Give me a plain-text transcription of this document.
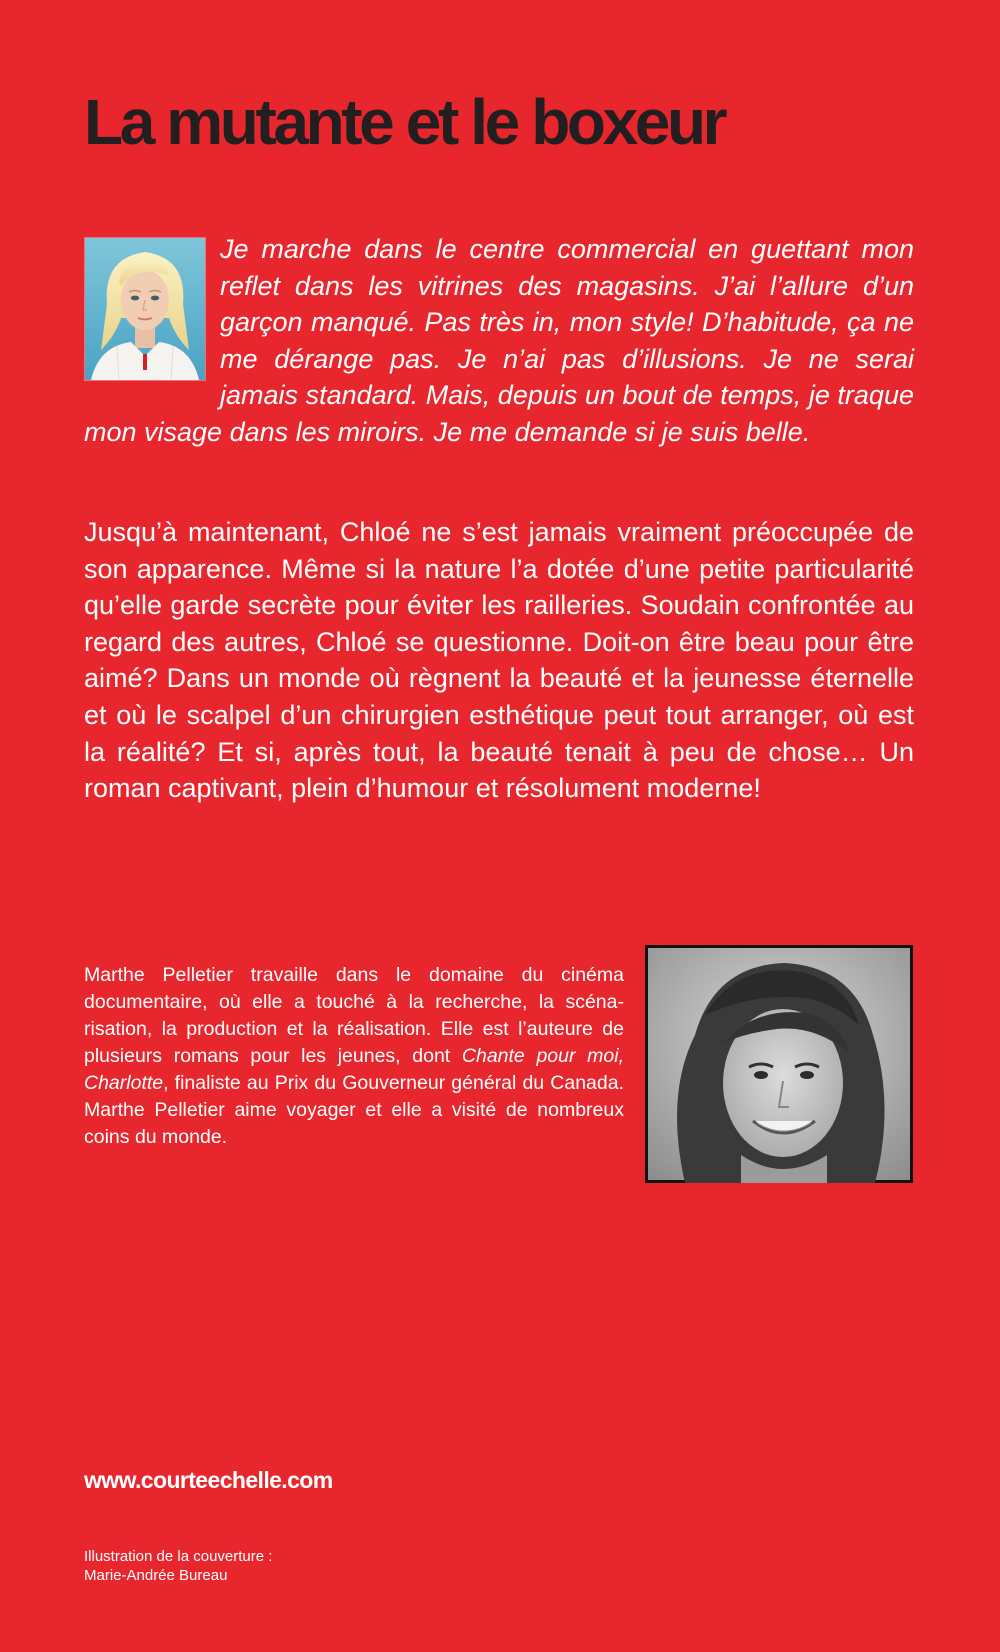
La mutante et le boxeur

Je marche dans le centre commercial en guettant mon reflet dans les vitrines des magasins. J’ai l’allure d’un garçon manqué. Pas très in, mon style! D’habitude, ça ne me dérange pas. Je n’ai pas d’illusions. Je ne serai jamais standard. Mais, depuis un bout de temps, je traque mon visage dans les miroirs. Je me demande si je suis belle.

Jusqu’à maintenant, Chloé ne s’est jamais vraiment préoccupée de son apparence. Même si la nature l’a dotée d’une petite particularité qu’elle garde secrète pour éviter les railleries. Soudain confrontée au regard des autres, Chloé se questionne. Doit-on être beau pour être aimé? Dans un monde où règnent la beauté et la jeunesse éternelle et où le scalpel d’un chirurgien esthétique peut tout arranger, où est la réalité? Et si, après tout, la beauté tenait à peu de chose… Un roman captivant, plein d’humour et résolument moderne!

Marthe Pelletier travaille dans le domaine du cinéma documentaire, où elle a touché à la recherche, la scénarisation, la production et la réalisation. Elle est l’auteure de plusieurs romans pour les jeunes, dont Chante pour moi, Charlotte, finaliste au Prix du Gouverneur général du Canada. Marthe Pelletier aime voyager et elle a visité de nombreux coins du monde.

www.courteechelle.com

Illustration de la couverture :
Marie-Andrée Bureau
